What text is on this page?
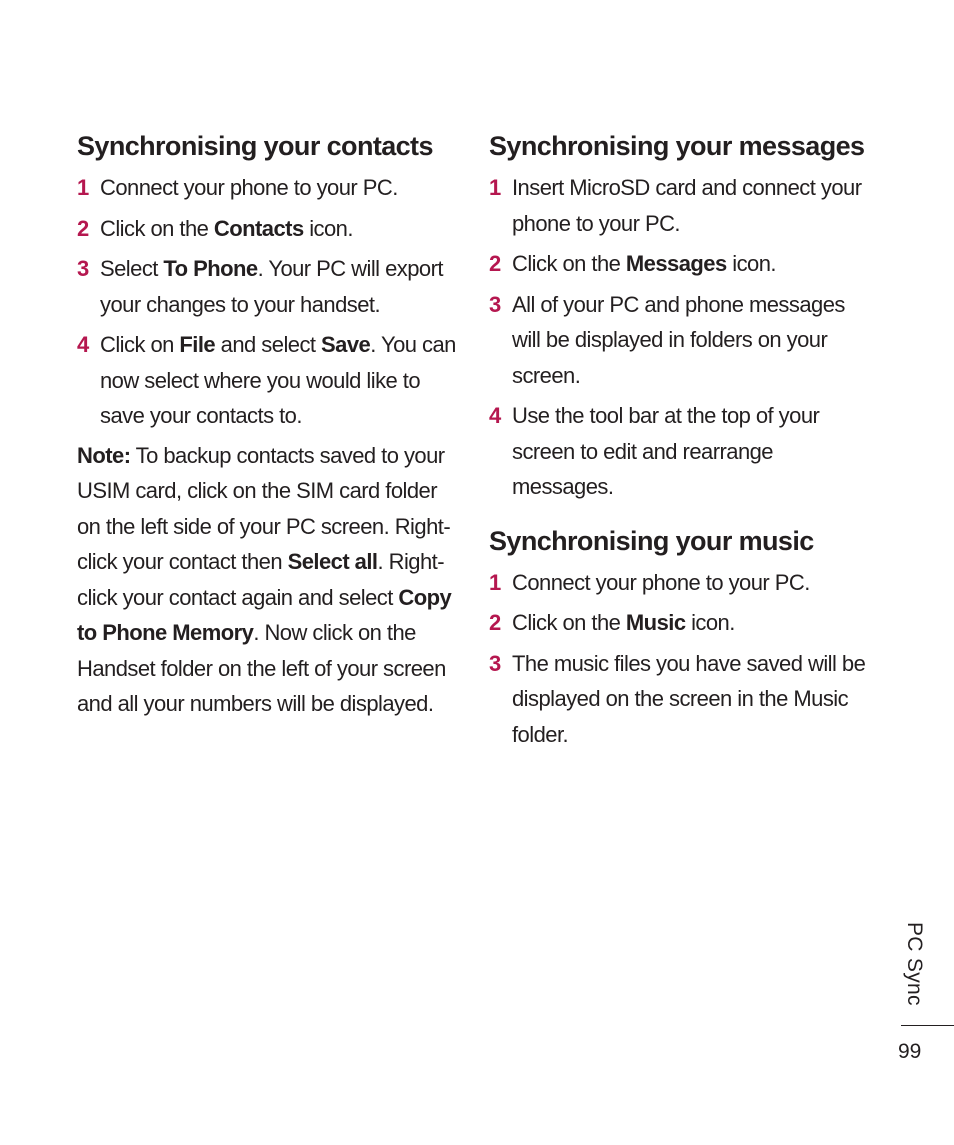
Synchronising your contacts
1 Connect your phone to your PC.
2 Click on the Contacts icon.
3 Select To Phone. Your PC will export your changes to your handset.
4 Click on File and select Save. You can now select where you would like to save your contacts to.

Note: To backup contacts saved to your USIM card, click on the SIM card folder on the left side of your PC screen. Right-click your contact then Select all. Right-click your contact again and select Copy to Phone Memory. Now click on the Handset folder on the left of your screen and all your numbers will be displayed.

Synchronising your messages
1 Insert MicroSD card and connect your phone to your PC.
2 Click on the Messages icon.
3 All of your PC and phone messages will be displayed in folders on your screen.
4 Use the tool bar at the top of your screen to edit and rearrange messages.
Synchronising your music
1 Connect your phone to your PC.
2 Click on the Music icon.
3 The music files you have saved will be displayed on the screen in the Music folder.
PC Sync
99
